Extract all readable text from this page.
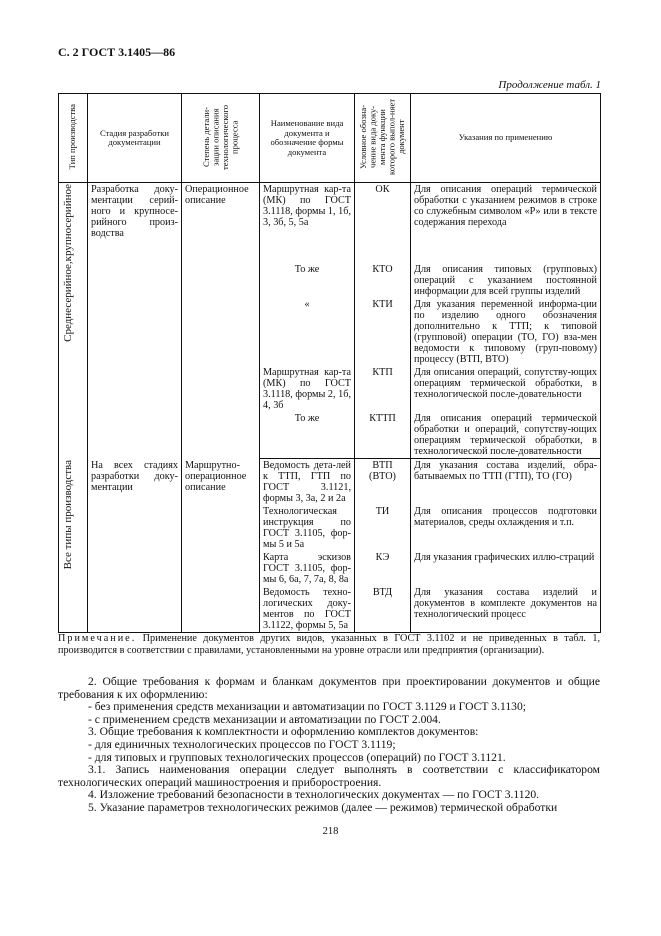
С. 2 ГОСТ 3.1405—86
Продолжение табл. 1
Тип производства	Стадия разработки документации	Степень детали-зации описания технологического процесса	Наименование вида документа и обозначение формы документа	Условное обозна-чение вида доку-мента функции которого выпол-няет документ	Указания по применению
Среднесерийное,крупносерийное	Разработка доку-ментации серий-ного и крупносе-рийного произ-водства	Операционное описание	Маршрутная кар-та (МК) по ГОСТ 3.1118, формы 1, 1б, 3, 3б, 5, 5а	ОК	Для описания операций термической обработки с указанием режимов в строке со служебным символом «Р» или в тексте содержания перехода
			То же	КТО	Для описания типовых (групповых) операций с указанием постоянной информации для всей группы изделий
			«	КТИ	Для указания переменной информа-ции по изделию одного обозначения дополнительно к ТТП; к типовой (групповой) операции (ТО, ГО) вза-мен ведомости к типовому (груп-повому) процессу (ВТП, ВТО)
			Маршрутная кар-та (МК) по ГОСТ 3.1118, формы 2, 1б, 4, 3б	КТП	Для описания операций, сопутству-ющих операциям термической обработки, в технологической после-довательности
			То же	КТТП	Для описания операций термической обработки и операций, сопутству-ющих операциям термической обработки, в технологической после-довательности
Все типы производства	На всех стадиях разработки доку-ментации	Маршрутно-операционное описание	Ведомость дета-лей к ТТП, ГТП по ГОСТ 3.1121, формы 3, 3а, 2 и 2а	ВТП (ВТО)	Для указания состава изделий, обра-батываемых по ТТП (ГТП), ТО (ГО)
			Технологическая инструкция по ГОСТ 3.1105, фор-мы 5 и 5а	ТИ	Для описания процессов подготовки материалов, среды охлаждения и т.п.
			Карта эскизов ГОСТ 3.1105, фор-мы 6, 6а, 7, 7а, 8, 8а	КЭ	Для указания графических иллю-страций
			Ведомость техно-логических доку-ментов по ГОСТ 3.1122, формы 5, 5а	ВТД	Для указания состава изделий и документов в комплекте документов на технологический процесс
Примечание. Применение документов других видов, указанных в ГОСТ 3.1102 и не приведенных в табл. 1, производится в соответствии с правилами, установленными на уровне отрасли или предприятия (организации).

2. Общие требования к формам и бланкам документов при проектировании документов и общие требования к их оформлению:

- без применения средств механизации и автоматизации по ГОСТ 3.1129 и ГОСТ 3.1130;

- с применением средств механизации и автоматизации по ГОСТ 2.004.

3. Общие требования к комплектности и оформлению комплектов документов:

- для единичных технологических процессов по ГОСТ 3.1119;

- для типовых и групповых технологических процессов (операций) по ГОСТ 3.1121.

3.1. Запись наименования операции следует выполнять в соответствии с классификатором технологических операций машиностроения и приборостроения.

4. Изложение требований безопасности в технологических документах — по ГОСТ 3.1120.

5. Указание параметров технологических режимов (далее — режимов) термической обработки

218
